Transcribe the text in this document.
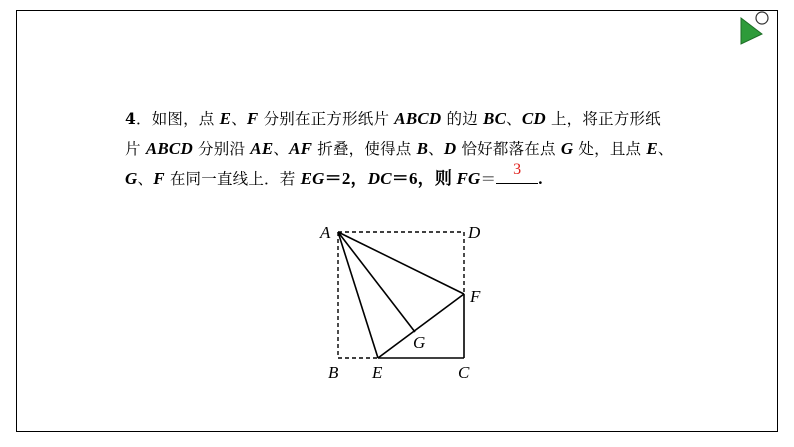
4．如图，点 E、F 分别在正方形纸片 ABCD 的边 BC、CD 上，将正方形纸
片 ABCD 分别沿 AE、AF 折叠，使得点 B、D 恰好都落在点 G 处，且点 E、
G、F 在同一直线上．若 EG＝2，DC＝6，则 FG＝
3 .
A	D
F
G
B E	C
